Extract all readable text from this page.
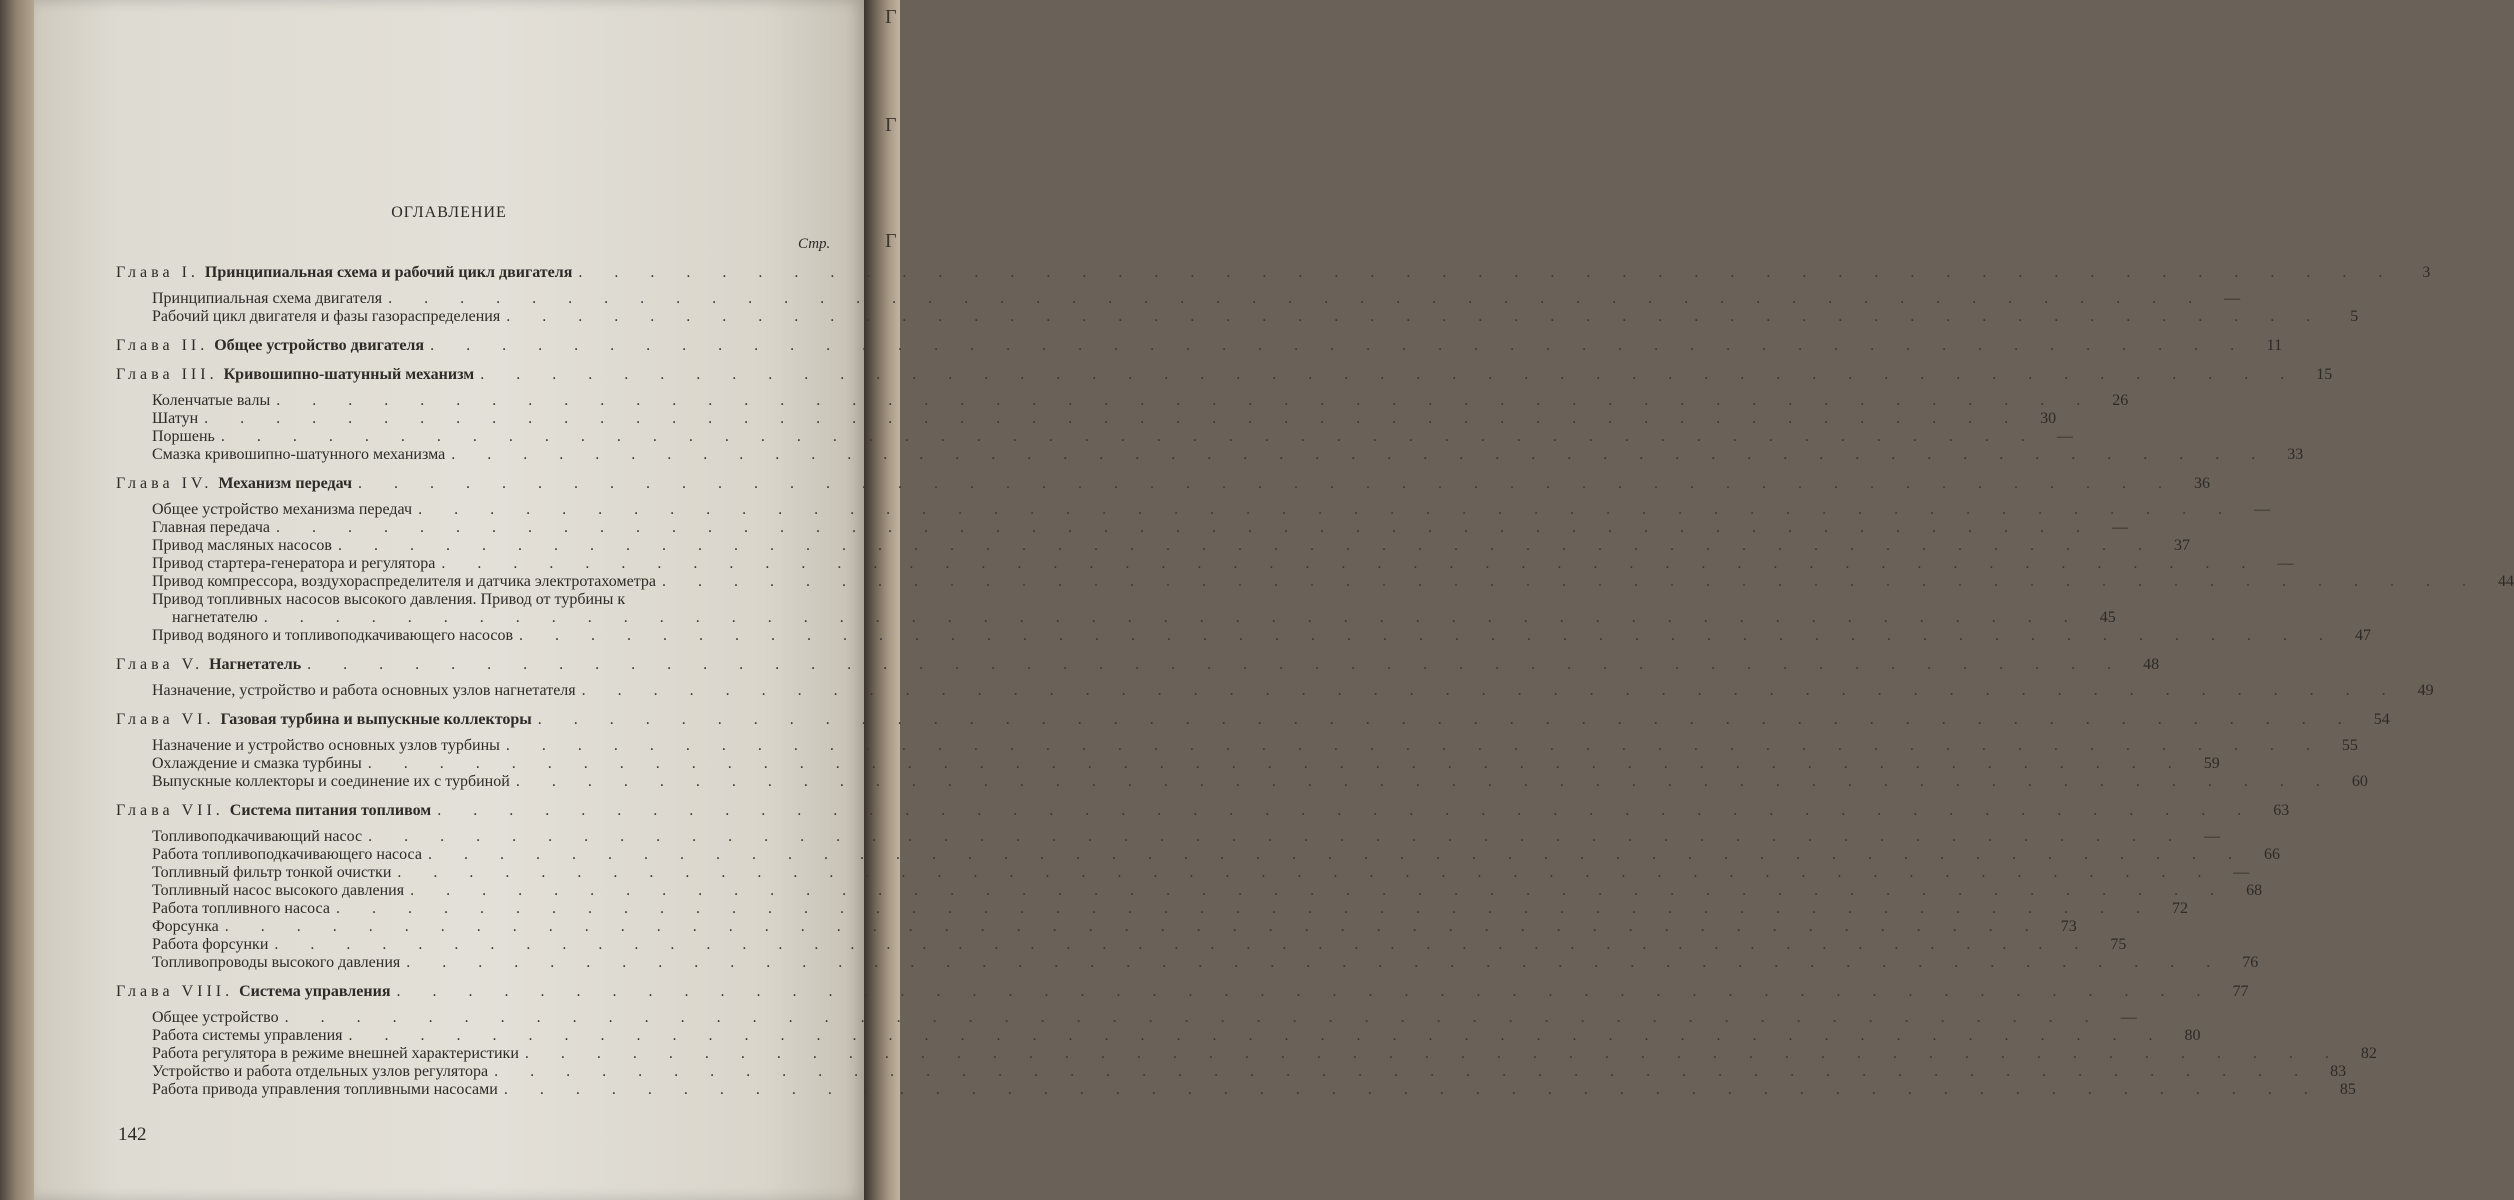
Г
Г
Г
ОГЛАВЛЕНИЕ
Стр.
Глава I. Принципиальная схема и рабочий цикл двигателя . . .	3
Принципиальная схема двигателя . . .	—
Рабочий цикл двигателя и фазы газораспределения . . .	5
Глава II. Общее устройство двигателя . . .	11
Глава III. Кривошипно-шатунный механизм . . .	15
Коленчатые валы . . .	26
Шатун . . .	30
Поршень . . .	—
Смазка кривошипно-шатунного механизма . . .	33
Глава IV. Механизм передач . . .	36
Общее устройство механизма передач . . .	—
Главная передача . . .	—
Привод масляных насосов . . .	37
Привод стартера-генератора и регулятора . . .	—
Привод компрессора, воздухораспределителя и датчика электротахометра . . .	44
Привод топливных насосов высокого давления. Привод от турбины к
нагнетателю . . .	45
Привод водяного и топливоподкачивающего насосов . . .	47
Глава V. Нагнетатель . . .	48
Назначение, устройство и работа основных узлов нагнетателя . . .	49
Глава VI. Газовая турбина и выпускные коллекторы . . .	54
Назначение и устройство основных узлов турбины . . .	55
Охлаждение и смазка турбины . . .	59
Выпускные коллекторы и соединение их с турбиной . . .	60
Глава VII. Система питания топливом . . .	63
Топливоподкачивающий насос . . .	—
Работа топливоподкачивающего насоса . . .	66
Топливный фильтр тонкой очистки . . .	—
Топливный насос высокого давления . . .	68
Работа топливного насоса . . .	72
Форсунка . . .	73
Работа форсунки . . .	75
Топливопроводы высокого давления . . .	76
Глава VIII. Система управления . . .	77
Общее устройство . . .	—
Работа системы управления . . .	80
Работа регулятора в режиме внешней характеристики . . .	82
Устройство и работа отдельных узлов регулятора . . .	83
Работа привода управления топливными насосами . . .	85
142
